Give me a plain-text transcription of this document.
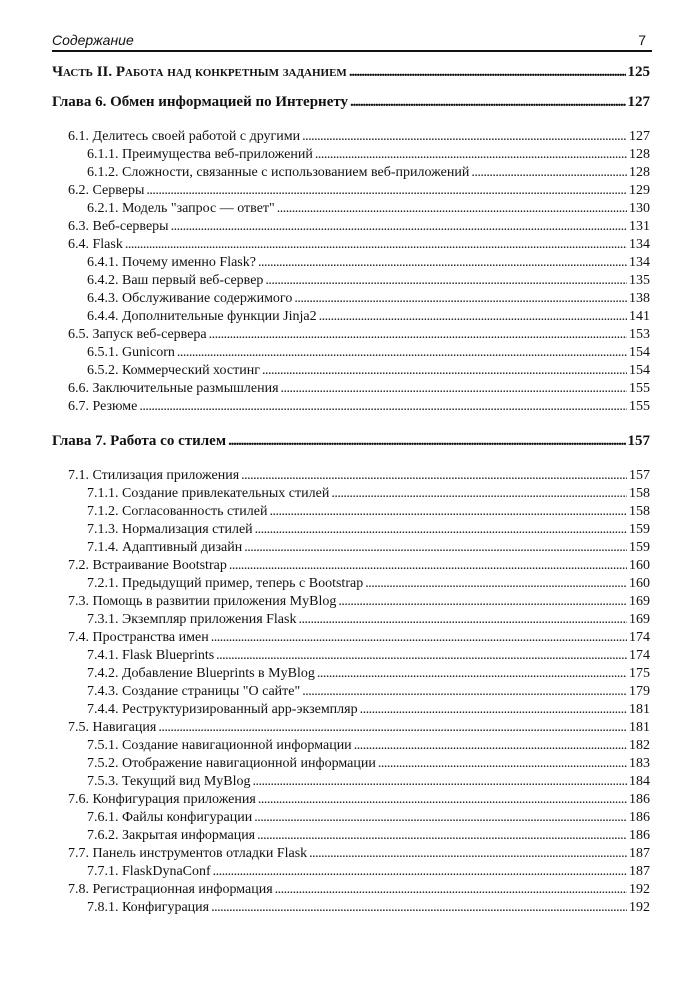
Содержание	7
Часть II. Работа над конкретным заданием . . .	125
Глава 6. Обмен информацией по Интернету . . .	127
6.1. Делитесь своей работой с другими . . .	127
6.1.1. Преимущества веб-приложений . . .	128
6.1.2. Сложности, связанные с использованием веб-приложений . . .	128
6.2. Серверы . . .	129
6.2.1. Модель "запрос — ответ" . . .	130
6.3. Веб-серверы . . .	131
6.4. Flask . . .	134
6.4.1. Почему именно Flask? . . .	134
6.4.2. Ваш первый веб-сервер . . .	135
6.4.3. Обслуживание содержимого . . .	138
6.4.4. Дополнительные функции Jinja2 . . .	141
6.5. Запуск веб-сервера . . .	153
6.5.1. Gunicorn . . .	154
6.5.2. Коммерческий хостинг . . .	154
6.6. Заключительные размышления . . .	155
6.7. Резюме . . .	155
Глава 7. Работа со стилем . . .	157
7.1. Стилизация приложения . . .	157
7.1.1. Создание привлекательных стилей . . .	158
7.1.2. Согласованность стилей . . .	158
7.1.3. Нормализация стилей . . .	159
7.1.4. Адаптивный дизайн . . .	159
7.2. Встраивание Bootstrap . . .	160
7.2.1. Предыдущий пример, теперь с Bootstrap . . .	160
7.3. Помощь в развитии приложения MyBlog . . .	169
7.3.1. Экземпляр приложения Flask . . .	169
7.4. Пространства имен . . .	174
7.4.1. Flask Blueprints . . .	174
7.4.2. Добавление Blueprints в MyBlog . . .	175
7.4.3. Создание страницы "О сайте" . . .	179
7.4.4. Реструктуризированный app-экземпляр . . .	181
7.5. Навигация . . .	181
7.5.1. Создание навигационной информации . . .	182
7.5.2. Отображение навигационной информации . . .	183
7.5.3. Текущий вид MyBlog . . .	184
7.6. Конфигурация приложения . . .	186
7.6.1. Файлы конфигурации . . .	186
7.6.2. Закрытая информация . . .	186
7.7. Панель инструментов отладки Flask . . .	187
7.7.1. FlaskDynaConf . . .	187
7.8. Регистрационная информация . . .	192
7.8.1. Конфигурация . . .	192
